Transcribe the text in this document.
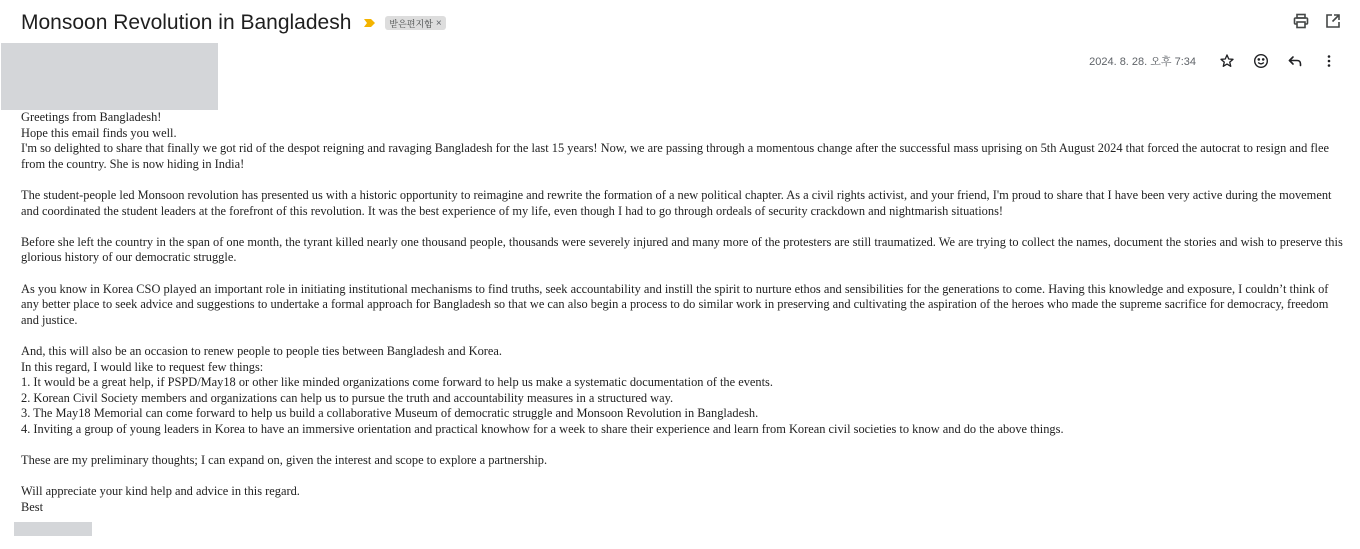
Monsoon Revolution in Bangladesh	받은편지함 ×
2024. 8. 28. 오후 7:34
Greetings from Bangladesh!
Hope this email finds you well.
I'm so delighted to share that finally we got rid of the despot reigning and ravaging Bangladesh for the last 15 years! Now, we are passing through a momentous change after the successful mass uprising on 5th August 2024 that forced the autocrat to resign and flee from the country. She is now hiding in India!
The student-people led Monsoon revolution has presented us with a historic opportunity to reimagine and rewrite the formation of a new political chapter. As a civil rights activist, and your friend, I'm proud to share that I have been very active during the movement and coordinated the student leaders at the forefront of this revolution. It was the best experience of my life, even though I had to go through ordeals of security crackdown and nightmarish situations!
Before she left the country in the span of one month, the tyrant killed nearly one thousand people, thousands were severely injured and many more of the protesters are still traumatized. We are trying to collect the names, document the stories and wish to preserve this glorious history of our democratic struggle.
As you know in Korea CSO played an important role in initiating institutional mechanisms to find truths, seek accountability and instill the spirit to nurture ethos and sensibilities for the generations to come. Having this knowledge and exposure, I couldn’t think of any better place to seek advice and suggestions to undertake a formal approach for Bangladesh so that we can also begin a process to do similar work in preserving and cultivating the aspiration of the heroes who made the supreme sacrifice for democracy, freedom and justice.
And, this will also be an occasion to renew people to people ties between Bangladesh and Korea.
In this regard, I would like to request few things:
1. It would be a great help, if PSPD/May18 or other like minded organizations come forward to help us make a systematic documentation of the events.
2. Korean Civil Society members and organizations can help us to pursue the truth and accountability measures in a structured way.
3. The May18 Memorial can come forward to help us build a collaborative Museum of democratic struggle and Monsoon Revolution in Bangladesh.
4. Inviting a group of young leaders in Korea to have an immersive orientation and practical knowhow for a week to share their experience and learn from Korean civil societies to know and do the above things.
These are my preliminary thoughts; I can expand on, given the interest and scope to explore a partnership.
Will appreciate your kind help and advice in this regard.
Best
